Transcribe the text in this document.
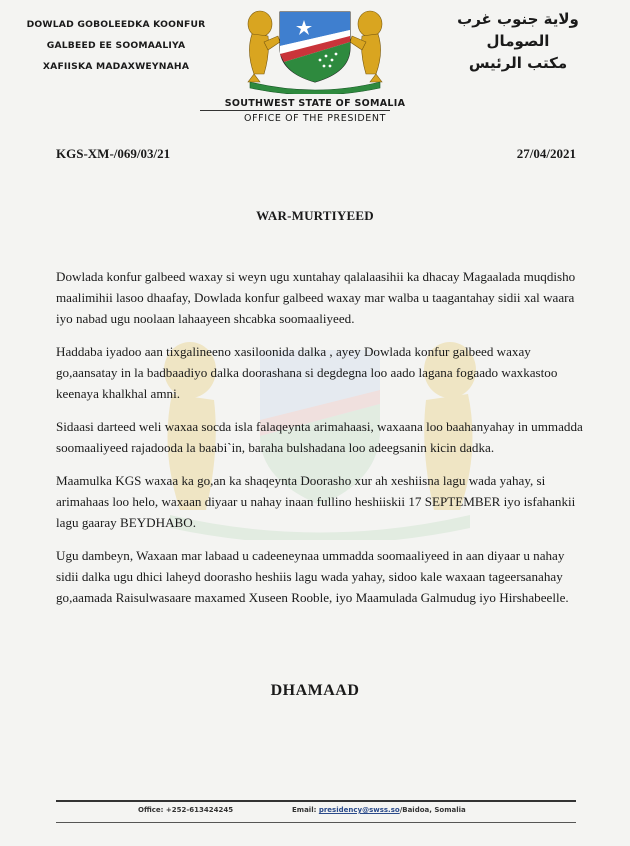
DOWLAD GOBOLEEDKA KOONFUR
GALBEED EE SOOMAALIYA
XAFIISKA MADAXWEYNAHA
ولاية جنوب غرب
الصومال
مكتب الرئيس
SOUTHWEST STATE OF SOMALIA
OFFICE OF THE PRESIDENT
KGS-XM-/069/03/21	27/04/2021
WAR-MURTIYEED

Dowlada konfur galbeed waxay si weyn ugu xuntahay qalalaasihii ka dhacay Magaalada muqdisho maalimihii lasoo dhaafay, Dowlada konfur galbeed waxay mar walba u taagantahay sidii xal waara iyo nabad ugu noolaan lahaayeen shcabka soomaaliyeed.

Haddaba iyadoo aan tixgalineeno xasiloonida dalka , ayey Dowlada konfur galbeed waxay go,aansatay in la badbaadiyo dalka doorashana si degdegna loo aado lagana fogaado waxkastoo keenaya khalkhal amni.

Sidaasi darteed weli waxaa socda isla falaqeynta arimahaasi, waxaana loo baahanyahay in ummadda soomaaliyeed rajadooda la baabi`in, baraha bulshadana loo adeegsanin kicin dadka.

Maamulka KGS waxaa ka go,an ka shaqeynta Doorasho xur ah xeshiisna lagu wada yahay, si arimahaas loo helo, waxaan diyaar u nahay inaan fullino heshiiskii 17 SEPTEMBER iyo isfahankii lagu gaaray BEYDHABO.

Ugu dambeyn, Waxaan mar labaad u cadeeneynaa ummadda soomaaliyeed in aan diyaar u nahay sidii dalka ugu dhici laheyd doorasho heshiis lagu wada yahay, sidoo kale waxaan tageersanahay go,aamada Raisulwasaare maxamed Xuseen Rooble, iyo Maamulada Galmudug iyo Hirshabeelle.

DHAMAAD
Office: +252-613424245	Email: presidency@swss.so/Baidoa, Somalia
